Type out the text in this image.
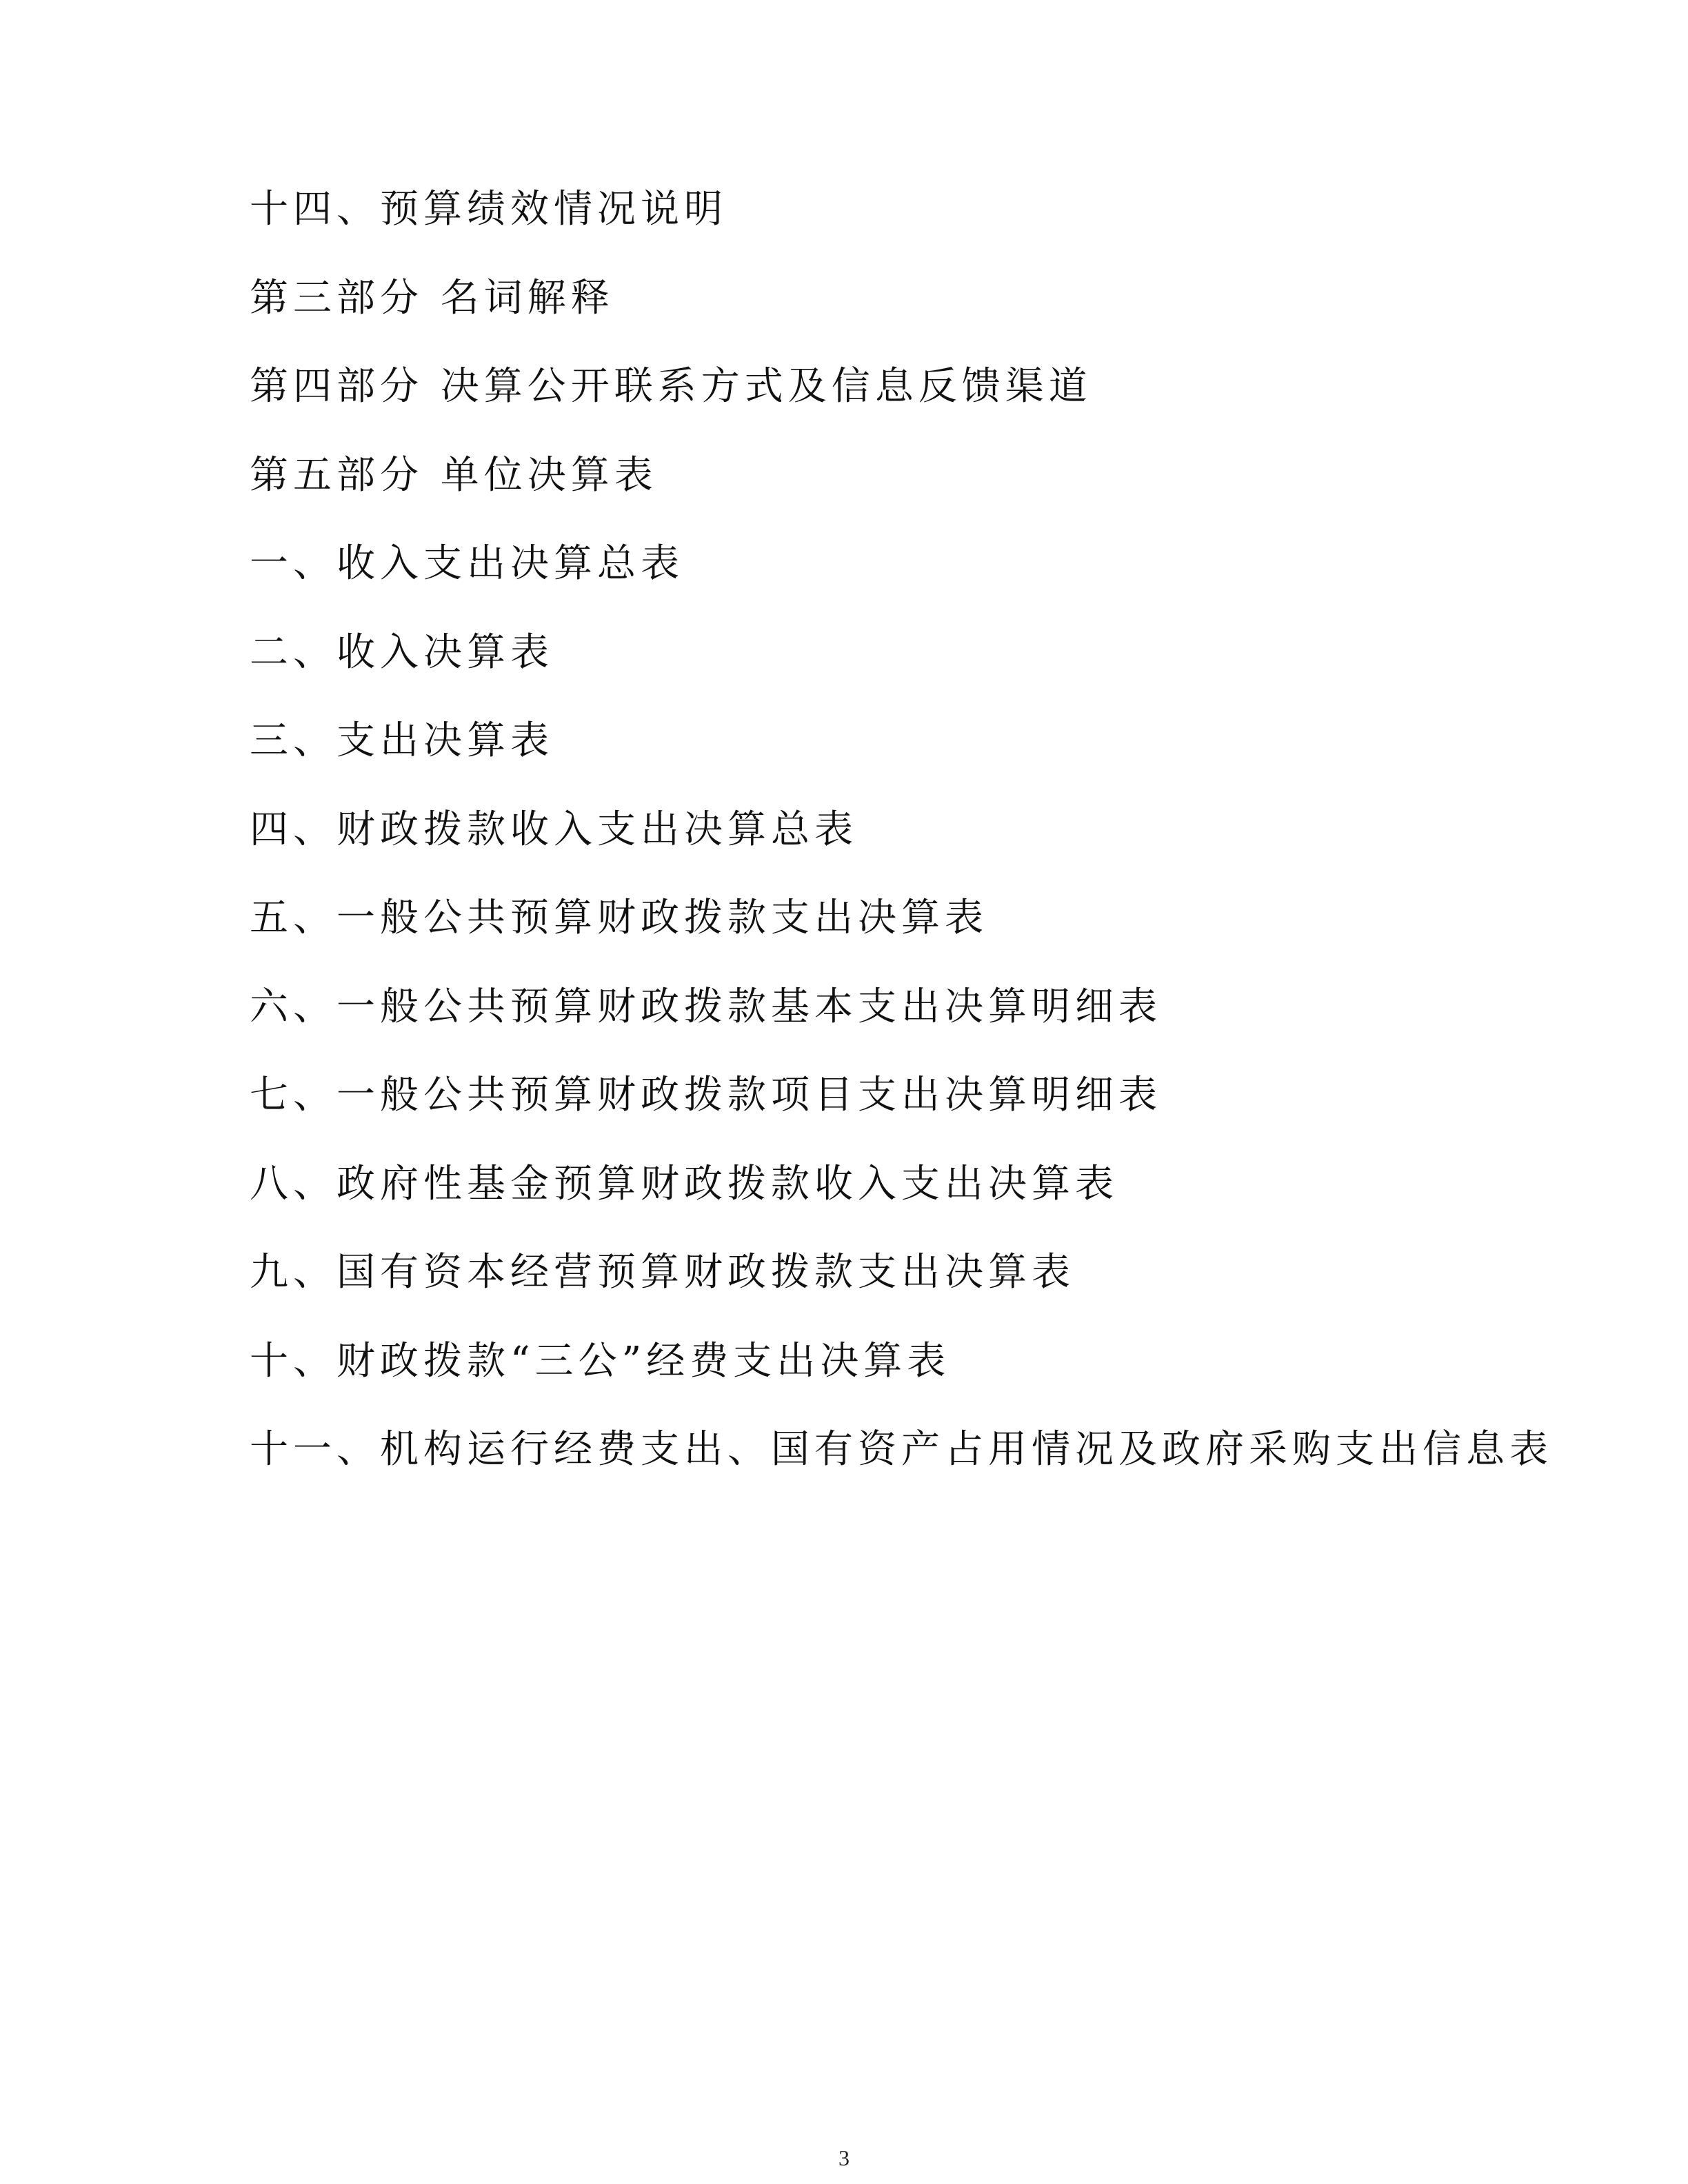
十四、预算绩效情况说明
第三部分 名词解释
第四部分 决算公开联系方式及信息反馈渠道
第五部分 单位决算表
一、收入支出决算总表
二、收入决算表
三、支出决算表
四、财政拨款收入支出决算总表
五、一般公共预算财政拨款支出决算表
六、一般公共预算财政拨款基本支出决算明细表
七、一般公共预算财政拨款项目支出决算明细表
八、政府性基金预算财政拨款收入支出决算表
九、国有资本经营预算财政拨款支出决算表
十、财政拨款“三公”经费支出决算表
十一、机构运行经费支出、国有资产占用情况及政府采购支出信息表
3
